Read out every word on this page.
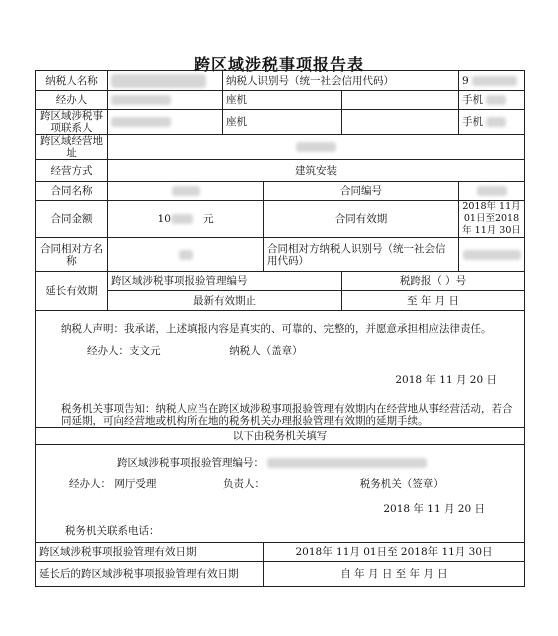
跨区域涉税事项报告表
纳税人名称		纳税人识别号（统一社会信用代码）			9
经办人		座机			手机
跨区域涉税事项联系人		座机			手机
跨区域经营地址					
经营方式	建筑安装				
合同名称			合同编号		
合同金额	10 元		合同有效期		2018年 11月 01日至2018年 11月 30日
合同相对方名称			合同相对方纳税人识别号（统一社会信用代码）		
延长有效期	跨区域涉税事项报验管理编号			税跨报（ ）号	
	最新有效期止			至 年 月 日	

纳税人声明：我承诺，上述填报内容是真实的、可靠的、完整的，并愿意承担相应法律责任。
经办人：支文元 纳税人（盖章）
2018 年 11 月 20 日
税务机关事项告知：纳税人应当在跨区域涉税事项报验管理有效期内在经营地从事经营活动，若合同延期，可向经营地或机构所在地的税务机关办理报验管理有效期的延期手续。					

以下由税务机关填写					

跨区域涉税事项报验管理编号：
经办人： 网厅受理 负责人： 税务机关（签章）
2018 年 11 月 20 日
税务机关联系电话：					

跨区域涉税事项报验管理有效日期			2018年 11月 01日至 2018年 11月 30日		
延长后的跨区域涉税事项报验管理有效日期			自 年 月 日 至 年 月 日		
